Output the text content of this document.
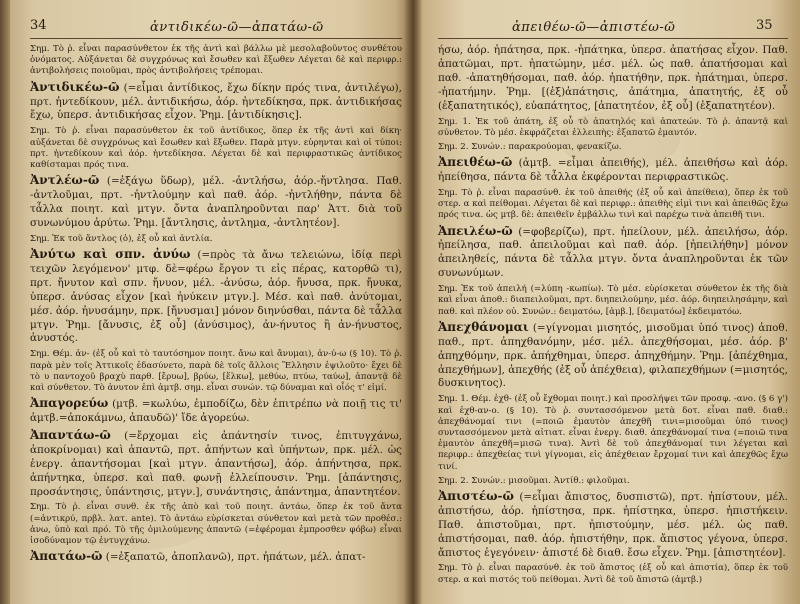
34	ἀντιδικέω-ῶ—ἀπατάω-ῶ
Σημ. Τὸ ῥ. εἶναι παρασύνθετον ἐκ τῆς ἀντὶ καὶ βάλλω μὲ μεσολαβοῦντος συνθέτου ὀνόματος. Αὐξάνεται δὲ συγχρόνως καὶ ἔσωθεν καὶ ἔξωθεν Λέγεται δὲ καὶ περιφρ.: ἀντιβολήσεις ποιοῦμαι, πρὸς ἀντιβολήσεις τρέπομαι.
Ἀντιδικέω-ῶ (=εἶμαι ἀντίδικος, ἔχω δίκην πρός τινα, ἀντιλέγω), πρτ. ἠντεδίκουν, μέλ. ἀντιδικήσω, ἀόρ. ἠντεδίκησα, πρκ. ἀντιδικήσας ἔχω, ὑπερσ. ἀντιδικήσας εἶχον. Ῥημ. [ἀντιδίκησις].
Σημ. Τὸ ῥ. εἶναι παρασύνθετον ἐκ τοῦ ἀντίδικος, ὅπερ ἐκ τῆς ἀντὶ καὶ δίκη· αὐξάνεται δὲ συγχρόνως καὶ ἔσωθεν καὶ ἔξωθεν. Παρὰ μτγν. εὑρηνται καὶ οἱ τύποι: πρτ. ἠντεδίκουν καὶ ἀόρ. ἠντεδίκησα. Λέγεται δὲ καὶ περιφραστικῶς ἀντίδικος καθίσταμαι πρός τινα.
Ἀντλέω-ῶ (=ἐξάγω ὕδωρ), μέλ. -ἀντλήσω, ἀόρ.-ἤντλησα. Παθ. -ἀντλοῦμαι, πρτ. -ἠντλούμην καὶ παθ. ἀόρ. -ἠντλήθην, πάντα δὲ τἆλλα ποιητ. καὶ μτγν. ὄντα ἀναπληροῦνται παρ' Ἀττ. διὰ τοῦ συνωνύμου ἀρύτω. Ῥημ. [ἄντλησις, ἀντλημα, -ἀντλητέον].
Σημ. Ἐκ τοῦ ἄντλος (ὁ), ἐξ οὗ καὶ ἀντλία.
Ἀνύτω καὶ σπν. ἀνύω (=πρὸς τὰ ἄνω τελειώνω, ἰδίᾳ περὶ τειχῶν λεγόμενον' μτφ. δὲ=φέρω ἔργον τι εἰς πέρας, κατορθῶ τι), πρτ. ἤνυτον καὶ σπν. ἤνυον, μέλ. -ἀνύσω, ἀόρ. ἤνυσα, πρκ. ἤνυκα, ὑπερσ. ἀνύσας εἶχον [καὶ ἠνύκειν μτγν.]. Μέσ. καὶ παθ. ἀνύτομαι, μέσ. ἀόρ. ἠνυσάμην, πρκ. [ἤνυσμαι] μόνον διηνύσθαι, πάντα δὲ τἆλλα μτγν. Ῥημ. [ἄνυσις, ἐξ οὗ] (ἀνύσιμος), ἀν-ήνυτος ἢ ἀν-ήνυστος, ἀνυστός.
Σημ. Θέμ. ἀν- (ἐξ οὗ καὶ τὸ ταυτόσημον ποιητ. ἄνω καὶ ἄνυμαι), ἀν-ύ-ω (§ 10). Τὸ ῥ. παρὰ μὲν τοῖς Ἀττικοῖς ἐδασύνετο, παρὰ δὲ τοῖς ἄλλοις Ἕλλησιν ἐψιλοῦτο· ἔχει δὲ τὸ υ παντοχοῦ βραχὺ παρθ. [ἔρυω], βρύω, [ἕλκω], μεθύω, πτύω, ταύω], ἀπαντᾷ δὲ καὶ σύνθετον. Τὸ ἀνυτον ἐπὶ ἀμτβ. σημ. εἶναι συνών. τῷ δύναμαι καὶ οἷός τ' εἰμί.
Ἀπαγορεύω (μτβ. =κωλύω, ἐμποδίζω, δὲν ἐπιτρέπω νὰ ποιῇ τις τι' ἀμτβ.=ἀποκάμνω, ἀπαυδῶ)' ἴδε ἀγορεύω.
Ἀπαντάω-ῶ (=ἔρχομαι εἰς ἀπάντησίν τινος, ἐπιτυγχάνω, ἀποκρίνομαι) καὶ ἀπαντῶ, πρτ. ἀπήντων καὶ ὑπήντων, πρκ. μέλ. ὡς ἐνεργ. ἀπαντήσομαι [καὶ μτγν. ἀπαντήσω], ἀόρ. ἀπήντησα, πρκ. ἀπήντηκα, ὑπερσ. καὶ παθ. φωνῇ ἐλλείπουσιν. Ῥημ. [ἀπάντησις, προσάντησις, ὑπάντησις, μτγν.], συνάντησις, ἀπάντημα, ἀπαντητέον.
Σημ. Τὸ ῥ. εἶναι συνθ. ἐκ τῆς ἀπὸ καὶ τοῦ ποιητ. ἀντάω, ὅπερ ἐκ τοῦ ἄντα (=ἀντικρύ, πρβλ. λατ. ante). Τὸ ἀντάω εὑρίσκεται σύνθετον καὶ μετὰ τῶν προθέσ.: ἀνω, ὑπὸ καὶ πρό. Τὸ τῆς ὁμιλούμενης ἀπαντῶ (=ἐφέρομαι ἐμπροσθεν φόβω) εἶναι ἰσοδύναμον τῷ ἐντυγχάνω.
Ἀπατάω-ῶ (=ἐξαπατῶ, ἀποπλανῶ), πρτ. ἠπάτων, μέλ. ἀπατ-
ἀπειθέω-ῶ—ἀπιστέω-ῶ	35
ήσω, ἀόρ. ἠπάτησα, πρκ. -ἠπάτηκα, ὑπερσ. ἀπατήσας εἶχον. Παθ. ἀπατῶμαι, πρτ. ἠπατώμην, μέσ. μέλ. ὡς παθ. ἀπατήσομαι καὶ παθ. -ἀπατηθήσομαι, παθ. ἀόρ. ἠπατήθην, πρκ. ἠπάτημαι, ὑπερσ. -ἠπατήμην. Ῥημ. [(ἐξ)ἀπάτησις, ἀπάτημα, ἀπατητής, ἐξ οὗ (ἐξαπατητικός), εὐαπάτητος, [ἀπατητέον, ἐξ οὗ] (ἐξαπατητέον).
Σημ. 1. Ἐκ τοῦ ἀπάτη, ἐξ οὗ τὸ ἀπατηλός καὶ ἀπατεών. Τὸ ῥ. ἀπαντᾷ καὶ σύνθετον. Τὸ μέσ. ἐκφράζεται ἐλλειπὴς: ἐξαπατῶ ἐμαυτόν.
Σημ. 2. Συνών.: παρακρούομαι, φενακίζω.
Ἀπειθέω-ῶ (ἀμτβ. =εἶμαι ἀπειθής), μέλ. ἀπειθήσω καὶ ἀόρ. ἠπείθησα, πάντα δὲ τἆλλα ἐκφέρονται περιφραστικῶς.
Σημ. Τὸ ῥ. εἶναι παρασύνθ. ἐκ τοῦ ἀπειθής (ἐξ οὗ καὶ ἀπείθεια), ὅπερ ἐκ τοῦ στερ. α καὶ πείθομαι. Λέγεται δὲ καὶ περιφρ.: ἀπειθὴς εἰμὶ τινι καὶ ἀπειθῶς ἔχω πρός τινα. ὡς μτβ. δὲ: ἀπειθεῖν ἐμβάλλω τινὶ καὶ παρέχω τινὰ ἀπειθῆ τινι.
Ἀπειλέω-ῶ (=φοβερίζω), πρτ. ἠπείλουν, μέλ. ἀπειλήσω, ἀόρ. ἠπείλησα, παθ. ἀπειλοῦμαι καὶ παθ. ἀόρ. [ἠπειλήθην] μόνον ἀπειληθείς, πάντα δὲ τἆλλα μτγν. ὄντα ἀναπληροῦνται ἐκ τῶν συνωνύμων.
Σημ. Ἐκ τοῦ ἀπειλή (=λύπη -κωπίω). Τὸ μέσ. εὑρίσκεται σύνθετον ἐκ τῆς διὰ καὶ εἶναι ἀποθ.: διαπειλοῦμαι, πρτ. διηπειλούμην, μέσ. ἀόρ. διηπειλησάμην, καὶ παθ. καὶ πλέον οὐ. Συνών.: δειματόω, [ἀμβ.], [δειματόω] ἐκδειματόω.
Ἀπεχθάνομαι (=γίγνομαι μισητός, μισοῦμαι ὑπό τινος) ἀποθ. παθ., πρτ. ἀπηχθανόμην, μέσ. μέλ. ἀπεχθήσομαι, μέσ. ἀόρ. β' ἀπηχθόμην, πρκ. ἀπήχθημαι, ὑπερσ. ἀπηχθήμην. Ῥημ. [ἀπέχθημα, ἀπεχθήμων], ἀπεχθής (ἐξ οὗ ἀπέχθεια), φιλαπεχθήμων (=μισητός, δυσκινητος).
Σημ. 1. Θέμ. ἐχθ- (ἐξ οὗ ἔχθομαι ποιητ.) καὶ προσλήψει τῶν προσφ. -ανο. (§ 6 γ') καὶ ἐχθ-αν-ο. (§ 10). Τὸ ῥ. συντασσόμενον μετὰ δοτ. εἶναι παθ. διαθ.: ἀπεχθάνομαί τινι (=ποιῶ ἐμαυτὸν ἀπεχθῆ τινι=μισοῦμαι ὑπό τινος) συντασσόμενον μετὰ αἰτιατ. εἶναι ἐνεργ. διαθ. ἀπεχθάνομαί τινα (=ποιῶ τινα ἐμαυτὸν ἀπεχθῆ=μισῶ τινα). Ἀντὶ δὲ τοῦ ἀπεχθάνομαί τινι λέγεται καὶ περιφρ.: ἀπεχθείας τινὶ γίγνομαι, εἰς ἀπέχθειαν ἔρχομαί τινι καὶ ἀπεχθῶς ἔχω τινί.
Σημ. 2. Συνών.: μισοῦμαι. Ἀντίθ.: φιλοῦμαι.
Ἀπιστέω-ῶ (=εἶμαι ἄπιστος, δυσπιστῶ), πρτ. ἠπίστουν, μέλ. ἀπιστήσω, ἀόρ. ἠπίστησα, πρκ. ἠπίστηκα, ὑπερσ. ἠπιστήκειν. Παθ. ἀπιστοῦμαι, πρτ. ἠπιστούμην, μέσ. μέλ. ὡς παθ. ἀπιστήσομαι, παθ. ἀόρ. ἠπιστήθην, πρκ. ἄπιστος γέγονα, ὑπερσ. ἄπιστος ἐγεγόνειν· ἀπιστέ δὲ διαθ. ἔσω εἶχεν. Ῥημ. [ἀπιστητέον].
Σημ. Τὸ ῥ. εἶναι παρασύνθ. ἐκ τοῦ ἄπιστος (ἐξ οὗ καὶ ἀπιστία), ὅπερ ἐκ τοῦ στερ. α καὶ πιστός τοῦ πείθομαι. Ἀντὶ δὲ τοῦ ἄπιστῶ (ἀμτβ.)
